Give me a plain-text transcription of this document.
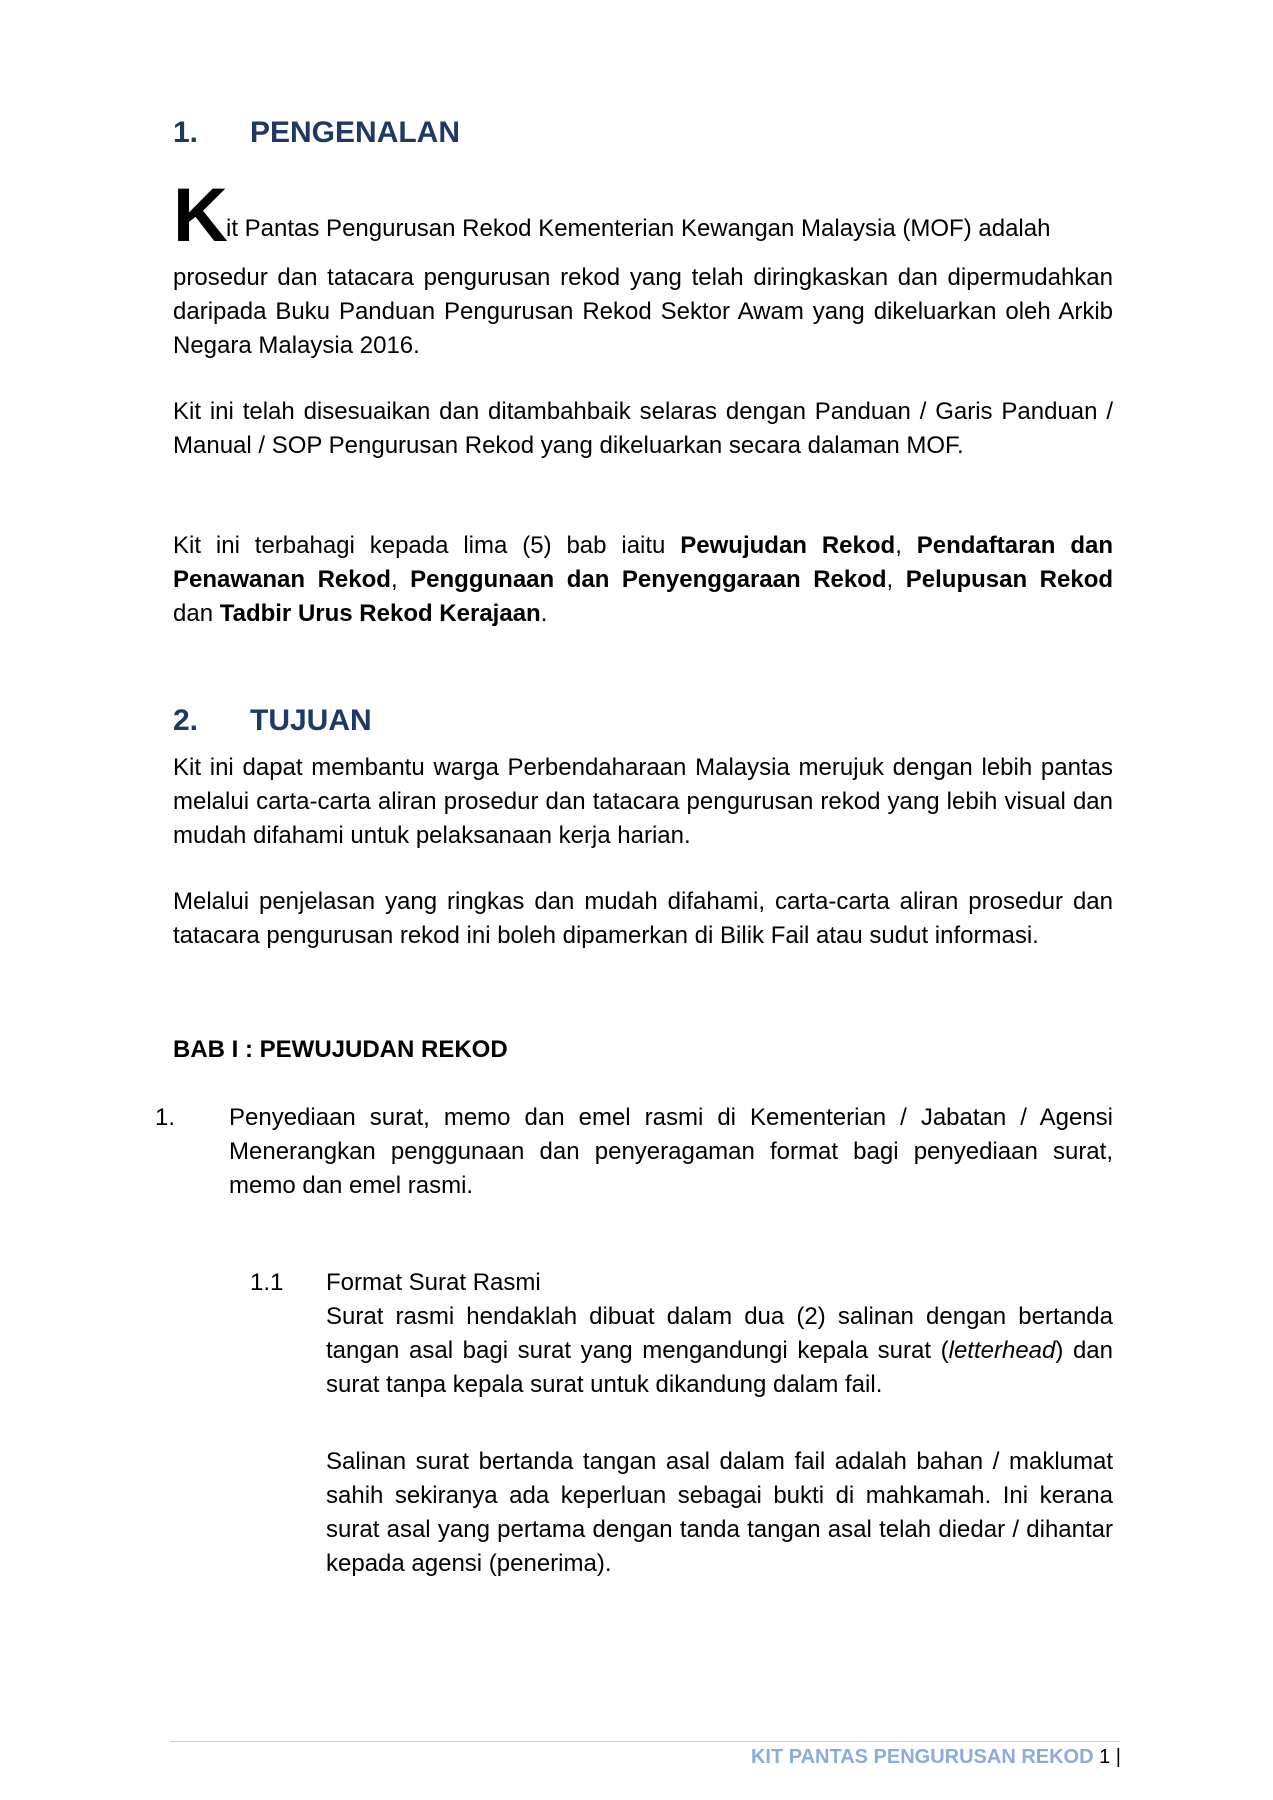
1. PENGENALAN
K

it Pantas Pengurusan Rekod Kementerian Kewangan Malaysia (MOF) adalah

prosedur dan tatacara pengurusan rekod yang telah diringkaskan dan dipermudahkan daripada Buku Panduan Pengurusan Rekod Sektor Awam yang dikeluarkan oleh Arkib Negara Malaysia 2016.

Kit ini telah disesuaikan dan ditambahbaik selaras dengan Panduan / Garis Panduan / Manual / SOP Pengurusan Rekod yang dikeluarkan secara dalaman MOF.

Kit ini terbahagi kepada lima (5) bab iaitu Pewujudan Rekod, Pendaftaran dan Penawanan Rekod, Penggunaan dan Penyenggaraan Rekod, Pelupusan Rekod dan Tadbir Urus Rekod Kerajaan.

2. TUJUAN

Kit ini dapat membantu warga Perbendaharaan Malaysia merujuk dengan lebih pantas melalui carta-carta aliran prosedur dan tatacara pengurusan rekod yang lebih visual dan mudah difahami untuk pelaksanaan kerja harian.

Melalui penjelasan yang ringkas dan mudah difahami, carta-carta aliran prosedur dan tatacara pengurusan rekod ini boleh dipamerkan di Bilik Fail atau sudut informasi.

BAB I : PEWUJUDAN REKOD

1. Penyediaan surat, memo dan emel rasmi di Kementerian / Jabatan / Agensi Menerangkan penggunaan dan penyeragaman format bagi penyediaan surat, memo dan emel rasmi.

1.1 Format Surat Rasmi

Surat rasmi hendaklah dibuat dalam dua (2) salinan dengan bertanda tangan asal bagi surat yang mengandungi kepala surat (letterhead) dan surat tanpa kepala surat untuk dikandung dalam fail.

Salinan surat bertanda tangan asal dalam fail adalah bahan / maklumat sahih sekiranya ada keperluan sebagai bukti di mahkamah. Ini kerana surat asal yang pertama dengan tanda tangan asal telah diedar / dihantar kepada agensi (penerima).

KIT PANTAS PENGURUSAN REKOD 1 |
